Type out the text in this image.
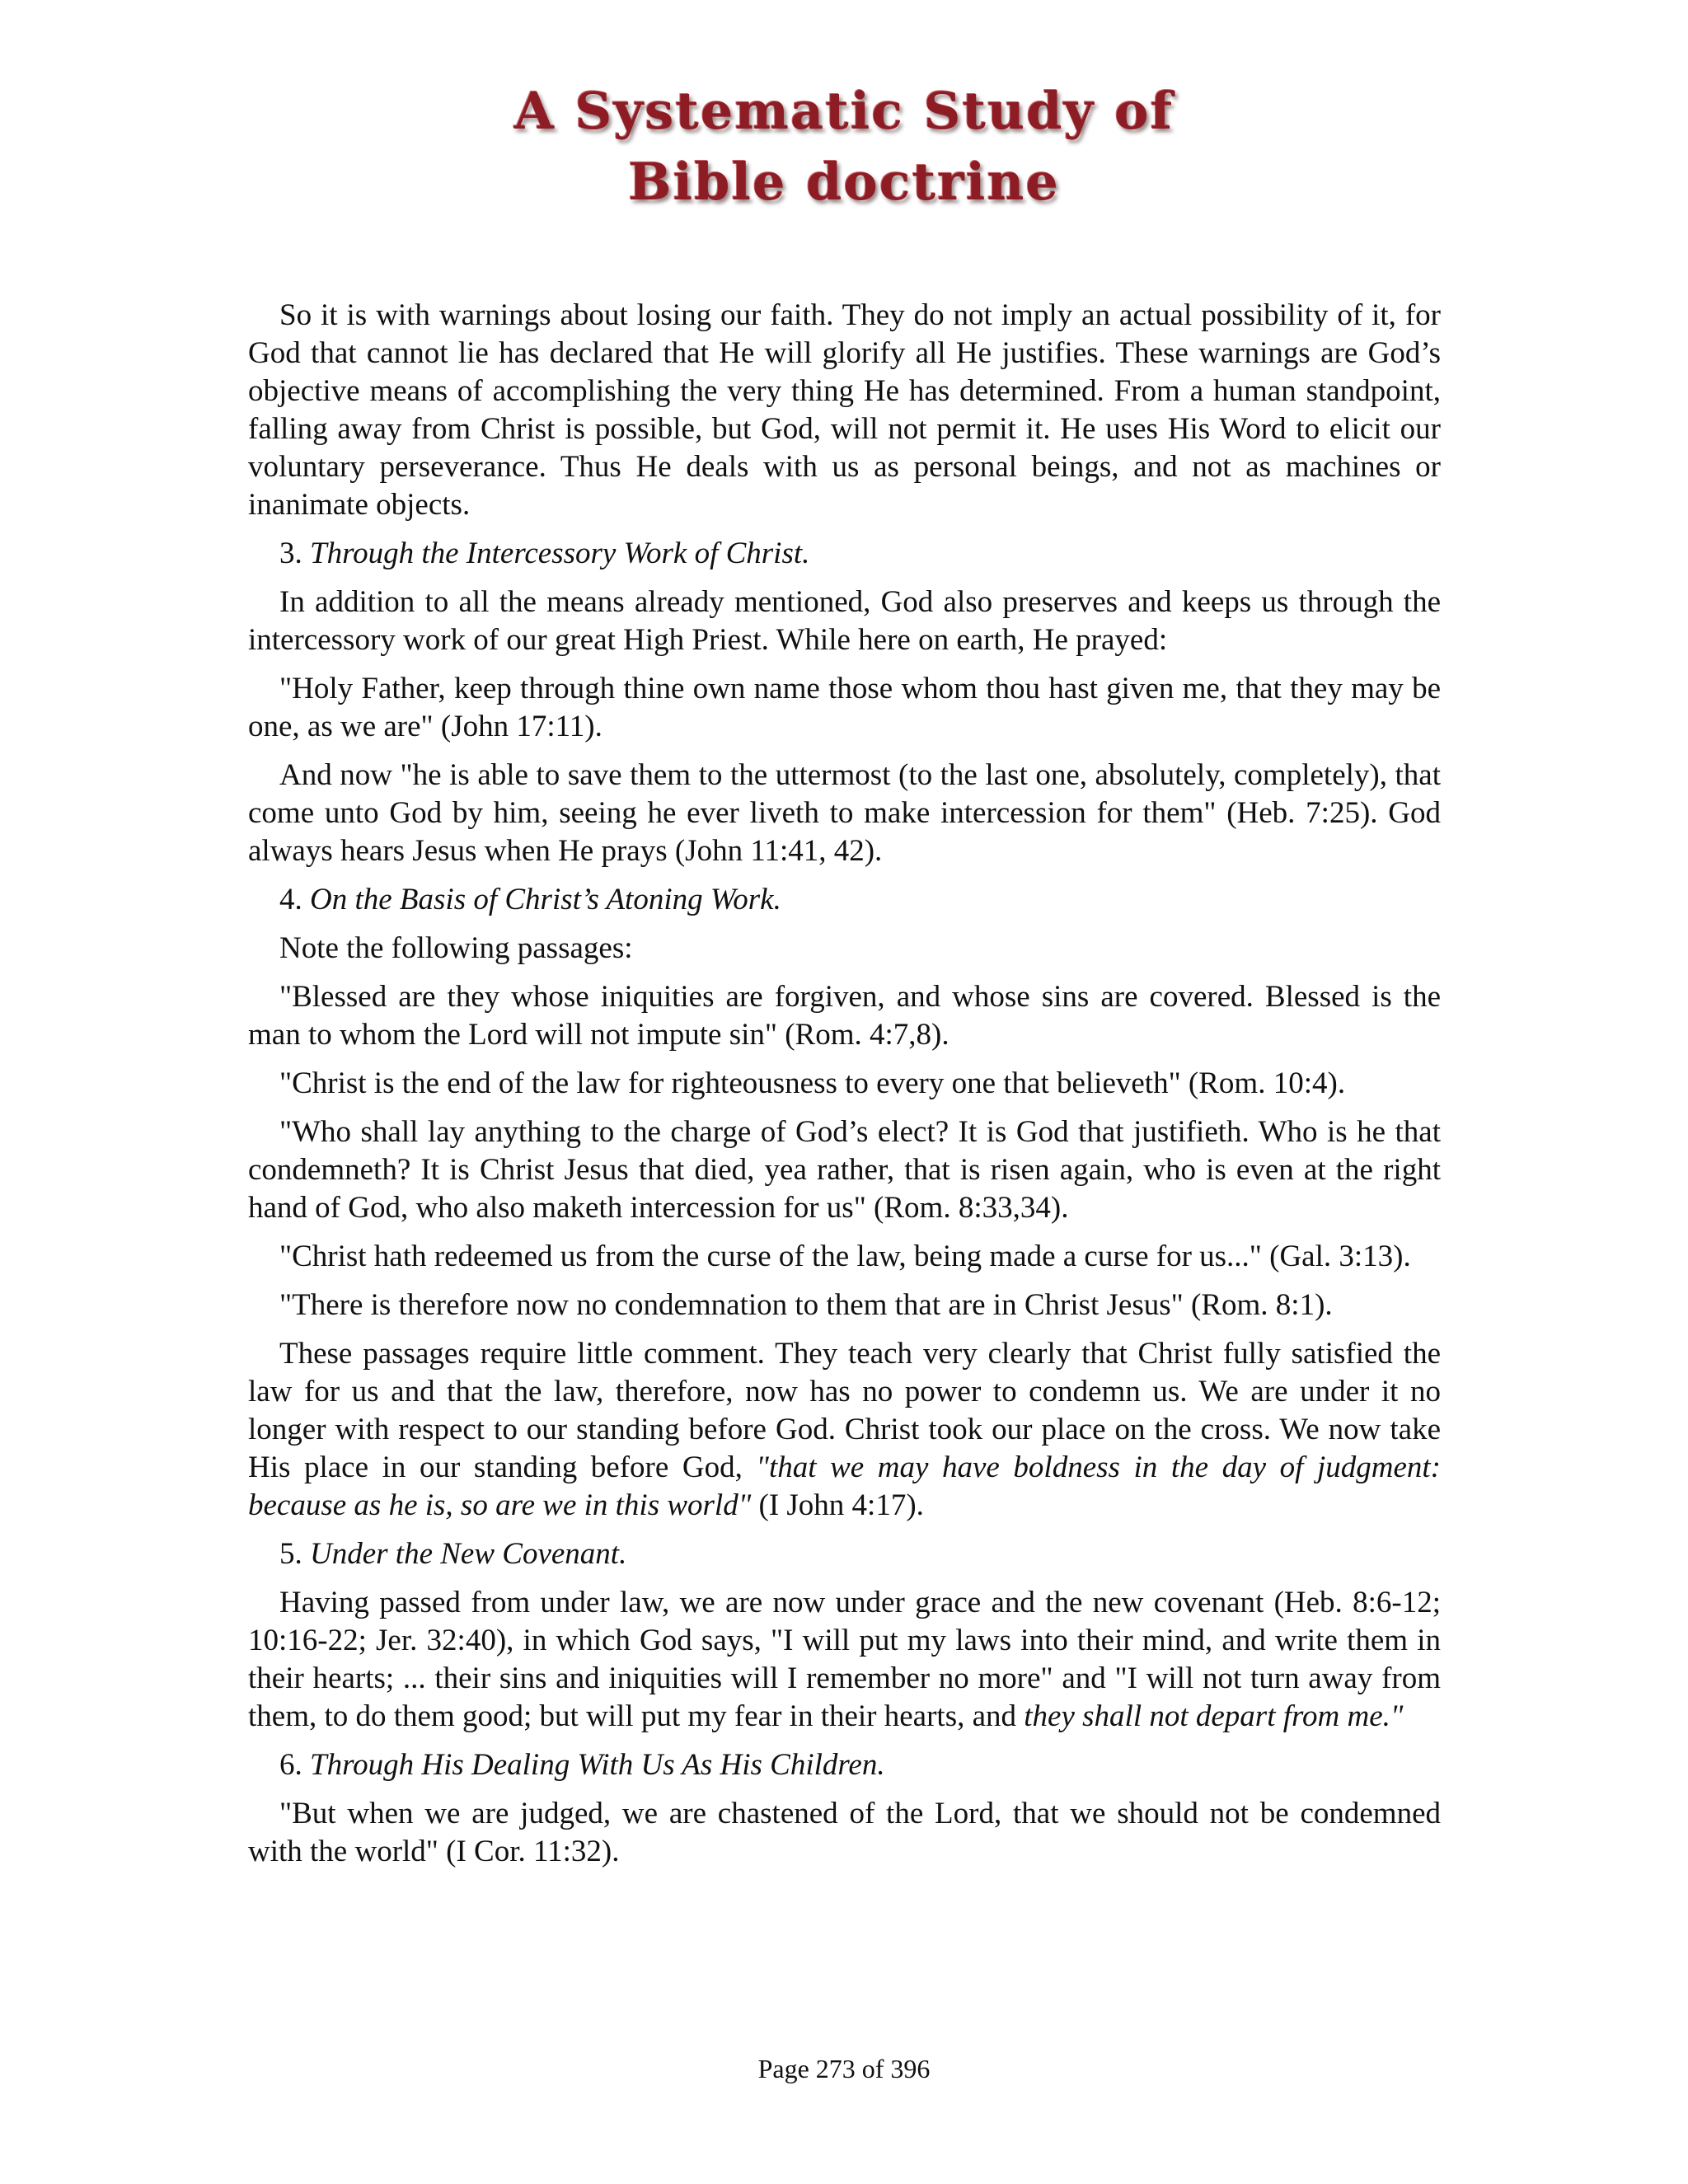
A Systematic Study of
Bible doctrine

So it is with warnings about losing our faith. They do not imply an actual possibility of it, for God that cannot lie has declared that He will glorify all He justifies. These warnings are God’s objective means of accomplishing the very thing He has determined. From a human standpoint, falling away from Christ is possible, but God, will not permit it. He uses His Word to elicit our voluntary perseverance. Thus He deals with us as personal beings, and not as machines or inanimate objects.

3. Through the Intercessory Work of Christ.

In addition to all the means already mentioned, God also preserves and keeps us through the intercessory work of our great High Priest. While here on earth, He prayed:

"Holy Father, keep through thine own name those whom thou hast given me, that they may be one, as we are" (John 17:11).

And now "he is able to save them to the uttermost (to the last one, absolutely, completely), that come unto God by him, seeing he ever liveth to make intercession for them" (Heb. 7:25). God always hears Jesus when He prays (John 11:41, 42).

4. On the Basis of Christ’s Atoning Work.

Note the following passages:

"Blessed are they whose iniquities are forgiven, and whose sins are covered. Blessed is the man to whom the Lord will not impute sin" (Rom. 4:7,8).

"Christ is the end of the law for righteousness to every one that believeth" (Rom. 10:4).

"Who shall lay anything to the charge of God’s elect? It is God that justifieth. Who is he that condemneth? It is Christ Jesus that died, yea rather, that is risen again, who is even at the right hand of God, who also maketh intercession for us" (Rom. 8:33,34).

"Christ hath redeemed us from the curse of the law, being made a curse for us..." (Gal. 3:13).

"There is therefore now no condemnation to them that are in Christ Jesus" (Rom. 8:1).

These passages require little comment. They teach very clearly that Christ fully satisfied the law for us and that the law, therefore, now has no power to condemn us. We are under it no longer with respect to our standing before God. Christ took our place on the cross. We now take His place in our standing before God, "that we may have boldness in the day of judgment: because as he is, so are we in this world" (I John 4:17).

5. Under the New Covenant.

Having passed from under law, we are now under grace and the new covenant (Heb. 8:6-12; 10:16-22; Jer. 32:40), in which God says, "I will put my laws into their mind, and write them in their hearts; ... their sins and iniquities will I remember no more" and "I will not turn away from them, to do them good; but will put my fear in their hearts, and they shall not depart from me."

6. Through His Dealing With Us As His Children.

"But when we are judged, we are chastened of the Lord, that we should not be condemned with the world" (I Cor. 11:32).

Page 273 of 396
